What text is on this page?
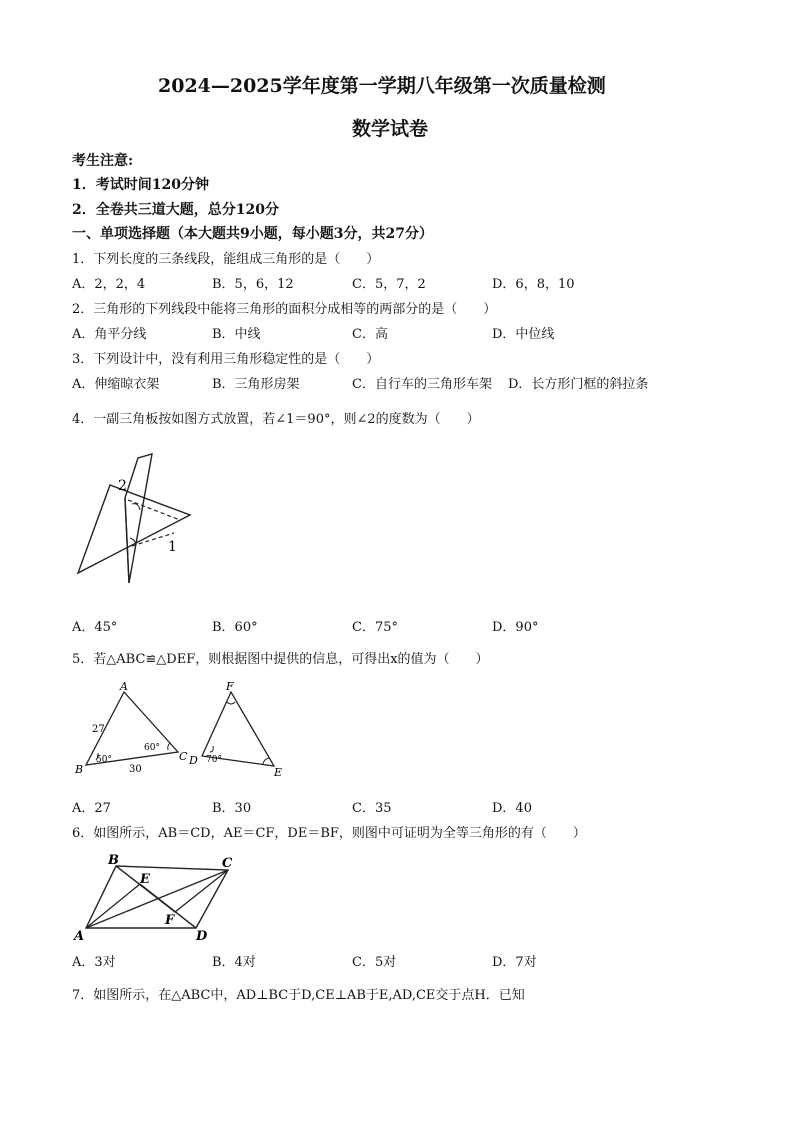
2024—2025学年度第一学期八年级第一次质量检测
数学试卷
考生注意:
1．考试时间120分钟
2．全卷共三道大题，总分120分
一、单项选择题（本大题共9小题，每小题3分，共27分）
1．下列长度的三条线段，能组成三角形的是（　　）
A．2，2，4	B．5，6，12	C．5，7，2	D．6，8，10
2．三角形的下列线段中能将三角形的面积分成相等的两部分的是（　　）
A．角平分线	B．中线	C．高	D．中位线
3．下列设计中，没有利用三角形稳定性的是（　　）
A．伸缩晾衣架	B．三角形房架	C．自行车的三角形车架 D．长方形门框的斜拉条
4．一副三角板按如图方式放置，若∠1＝90°，则∠2的度数为（　　）
2
1
A．45°	B．60°	C．75°	D．90°
5．若△ABC≌△DEF，则根据图中提供的信息，可得出x的值为（　　）
A
B
C D
E
F
27
30
50°
60°
70°
A．27	B．30	C．35	D．40
6．如图所示，AB＝CD，AE＝CF，DE＝BF，则图中可证明为全等三角形的有（　　）
B	C
A	D
E
F
A．3对	B．4对	C．5对	D．7对
7．如图所示，在△ABC中，AD⊥BC于D,CE⊥AB于E,AD,CE交于点H．已知
